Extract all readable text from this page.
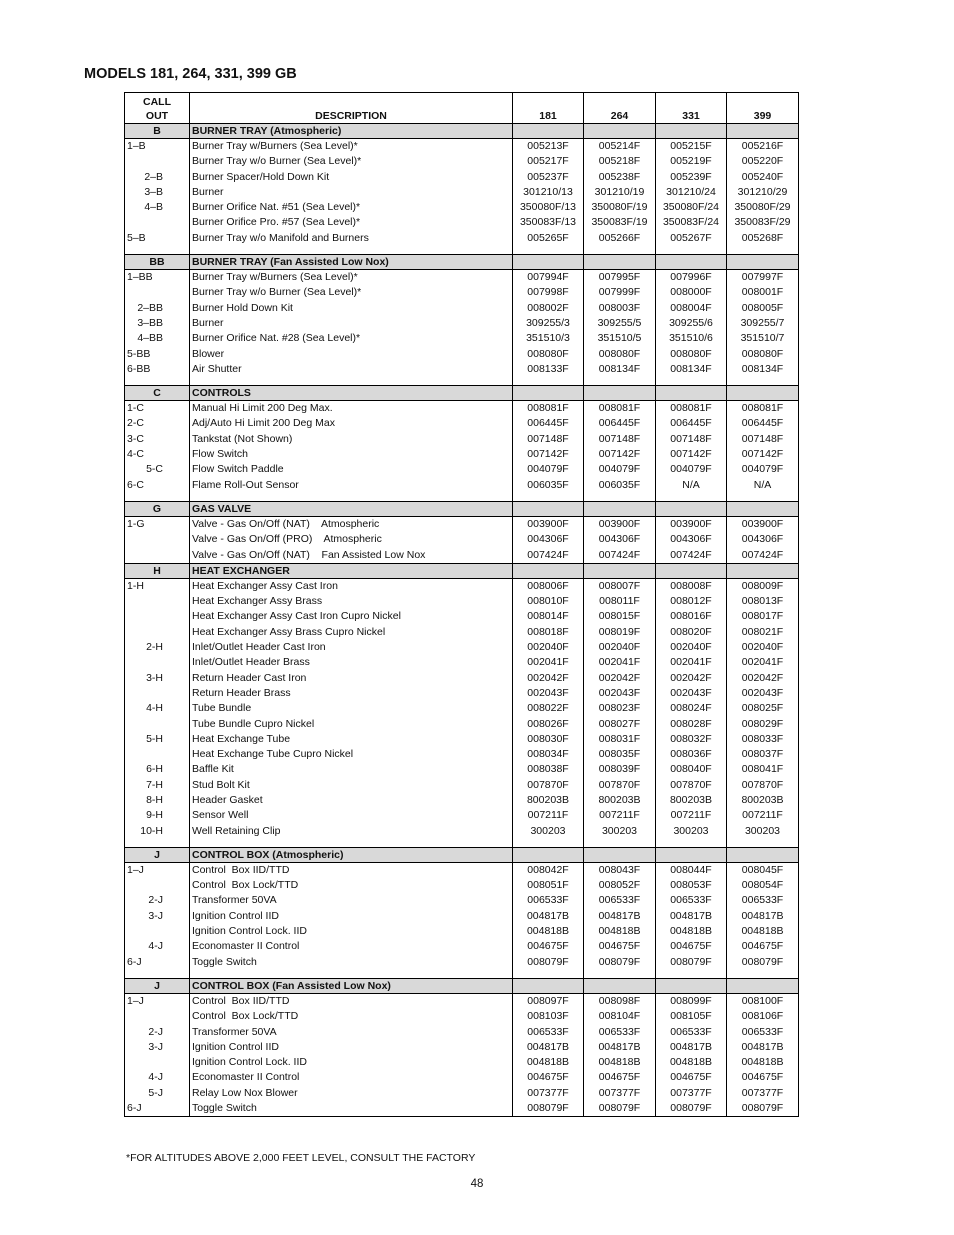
MODELS 181, 264, 331, 399 GB
CALL OUT	DESCRIPTION	181	264	331	399
B	BURNER TRAY (Atmospheric)				
1–B	Burner Tray w/Burners (Sea Level)*	005213F	005214F	005215F	005216F
	Burner Tray w/o Burner (Sea Level)*	005217F	005218F	005219F	005220F
2–B	Burner Spacer/Hold Down Kit	005237F	005238F	005239F	005240F
3–B	Burner	301210/13	301210/19	301210/24	301210/29
4–B	Burner Orifice Nat. #51 (Sea Level)*	350080F/13	350080F/19	350080F/24	350080F/29
	Burner Orifice Pro. #57 (Sea Level)*	350083F/13	350083F/19	350083F/24	350083F/29
5–B	Burner Tray w/o Manifold and Burners	005265F	005266F	005267F	005268F

BB	BURNER TRAY (Fan Assisted Low Nox)				
1–BB	Burner Tray w/Burners (Sea Level)*	007994F	007995F	007996F	007997F
	Burner Tray w/o Burner (Sea Level)*	007998F	007999F	008000F	008001F
2–BB	Burner Hold Down Kit	008002F	008003F	008004F	008005F
3–BB	Burner	309255/3	309255/5	309255/6	309255/7
4–BB	Burner Orifice Nat. #28 (Sea Level)*	351510/3	351510/5	351510/6	351510/7
5-BB	Blower	008080F	008080F	008080F	008080F
6-BB	Air Shutter	008133F	008134F	008134F	008134F

C	CONTROLS				
1-C	Manual Hi Limit 200 Deg Max.	008081F	008081F	008081F	008081F
2-C	Adj/Auto Hi Limit 200 Deg Max	006445F	006445F	006445F	006445F
3-C	Tankstat (Not Shown)	007148F	007148F	007148F	007148F
4-C	Flow Switch	007142F	007142F	007142F	007142F
5-C	Flow Switch Paddle	004079F	004079F	004079F	004079F
6-C	Flame Roll-Out Sensor	006035F	006035F	N/A	N/A

G	GAS VALVE				
1-G	Valve - Gas On/Off (NAT)    Atmospheric	003900F	003900F	003900F	003900F
	Valve - Gas On/Off (PRO)    Atmospheric	004306F	004306F	004306F	004306F
	Valve - Gas On/Off (NAT)    Fan Assisted Low Nox	007424F	007424F	007424F	007424F
H	HEAT EXCHANGER				
1-H	Heat Exchanger Assy Cast Iron	008006F	008007F	008008F	008009F
	Heat Exchanger Assy Brass	008010F	008011F	008012F	008013F
	Heat Exchanger Assy Cast Iron Cupro Nickel	008014F	008015F	008016F	008017F
	Heat Exchanger Assy Brass Cupro Nickel	008018F	008019F	008020F	008021F
2-H	Inlet/Outlet Header Cast Iron	002040F	002040F	002040F	002040F
	Inlet/Outlet Header Brass	002041F	002041F	002041F	002041F
3-H	Return Header Cast Iron	002042F	002042F	002042F	002042F
	Return Header Brass	002043F	002043F	002043F	002043F
4-H	Tube Bundle	008022F	008023F	008024F	008025F
	Tube Bundle Cupro Nickel	008026F	008027F	008028F	008029F
5-H	Heat Exchange Tube	008030F	008031F	008032F	008033F
	Heat Exchange Tube Cupro Nickel	008034F	008035F	008036F	008037F
6-H	Baffle Kit	008038F	008039F	008040F	008041F
7-H	Stud Bolt Kit	007870F	007870F	007870F	007870F
8-H	Header Gasket	800203B	800203B	800203B	800203B
9-H	Sensor Well	007211F	007211F	007211F	007211F
10-H	Well Retaining Clip	300203	300203	300203	300203

J	CONTROL BOX (Atmospheric)				
1–J	Control  Box IID/TTD	008042F	008043F	008044F	008045F
	Control  Box Lock/TTD	008051F	008052F	008053F	008054F
2-J	Transformer 50VA	006533F	006533F	006533F	006533F
3-J	Ignition Control IID	004817B	004817B	004817B	004817B
	Ignition Control Lock. IID	004818B	004818B	004818B	004818B
4-J	Economaster II Control	004675F	004675F	004675F	004675F
6-J	Toggle Switch	008079F	008079F	008079F	008079F

J	CONTROL BOX (Fan Assisted Low Nox)				
1–J	Control  Box IID/TTD	008097F	008098F	008099F	008100F
	Control  Box Lock/TTD	008103F	008104F	008105F	008106F
2-J	Transformer 50VA	006533F	006533F	006533F	006533F
3-J	Ignition Control IID	004817B	004817B	004817B	004817B
	Ignition Control Lock. IID	004818B	004818B	004818B	004818B
4-J	Economaster II Control	004675F	004675F	004675F	004675F
5-J	Relay Low Nox Blower	007377F	007377F	007377F	007377F
6-J	Toggle Switch	008079F	008079F	008079F	008079F
*FOR ALTITUDES ABOVE 2,000 FEET LEVEL, CONSULT THE FACTORY
48
